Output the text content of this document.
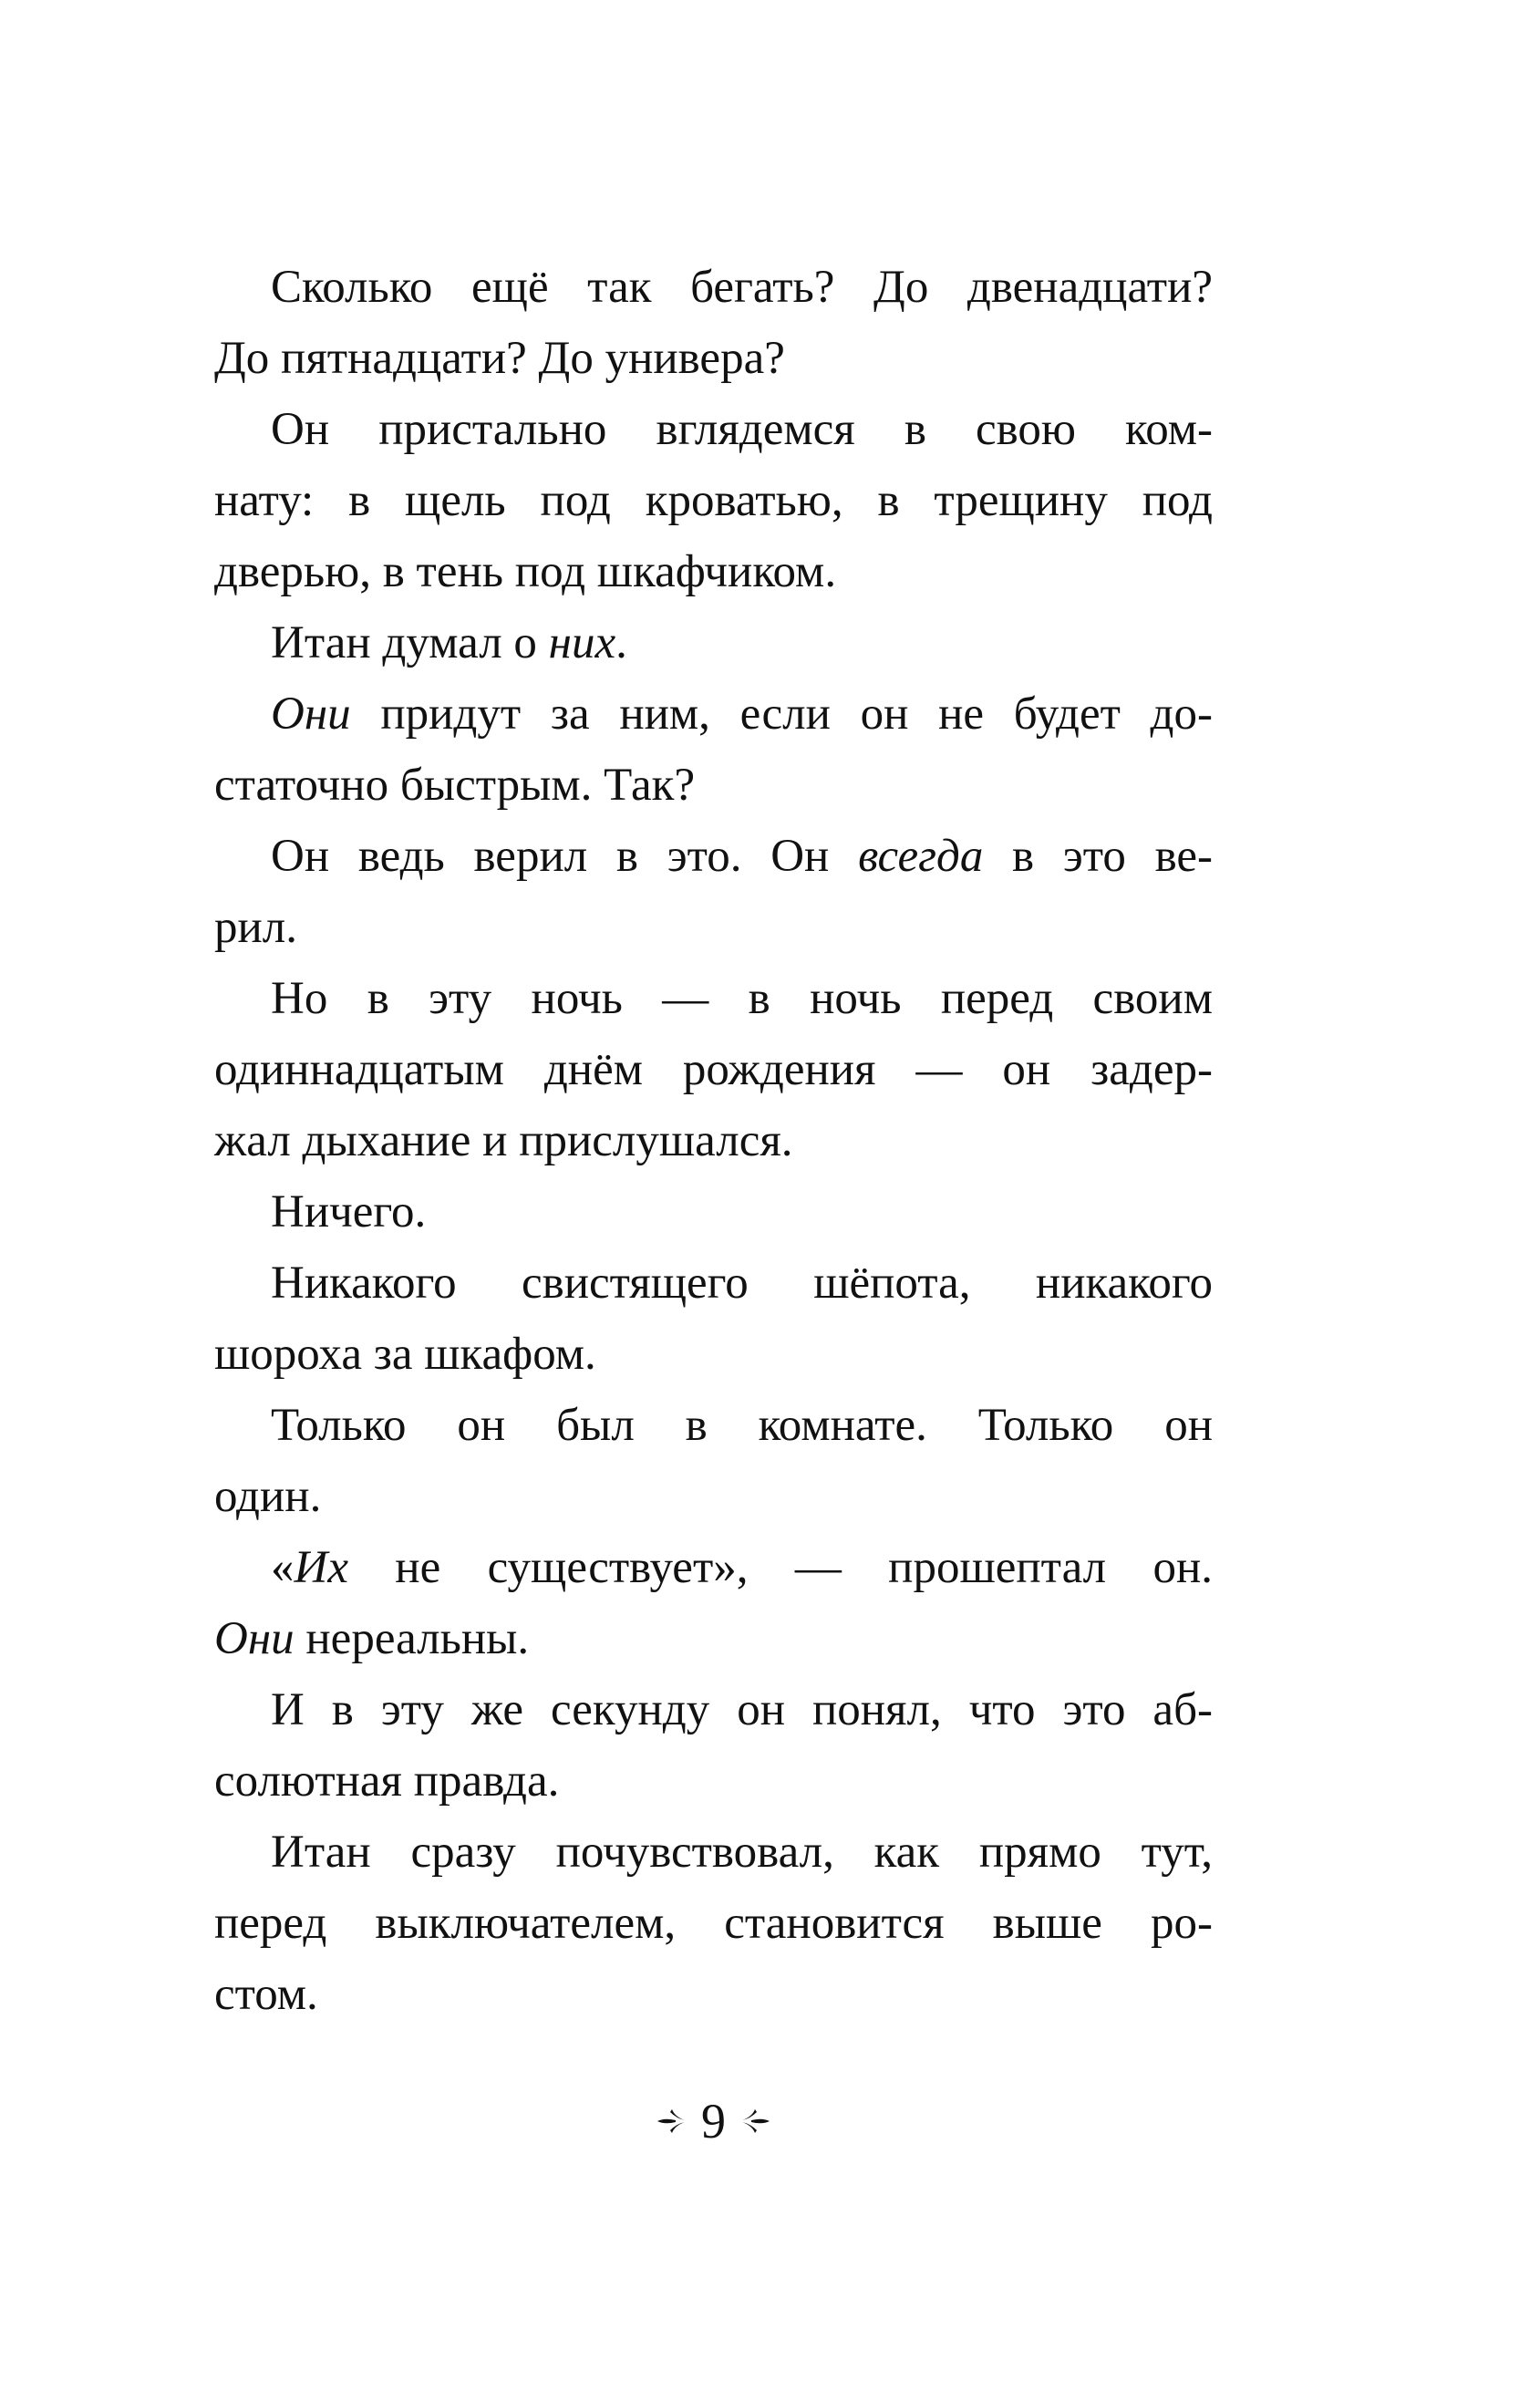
Сколько ещё так бегать? До двенадцати?
До пятнадцати? До универа?
Он пристально вглядемся в свою ком-
нату: в щель под кроватью, в трещину под
дверью, в тень под шкафчиком.
Итан думал о них.
Они придут за ним, если он не будет до-
статочно быстрым. Так?
Он ведь верил в это. Он всегда в это ве-
рил.
Но в эту ночь — в ночь перед своим
одиннадцатым днём рождения — он задер-
жал дыхание и прислушался.
Ничего.
Никакого свистящего шёпота, никакого
шороха за шкафом.
Только он был в комнате. Только он
один.
«Их не существует», — прошептал он.
Они нереальны.
И в эту же секунду он понял, что это аб-
солютная правда.
Итан сразу почувствовал, как прямо тут,
перед выключателем, становится выше ро-
стом.
9
